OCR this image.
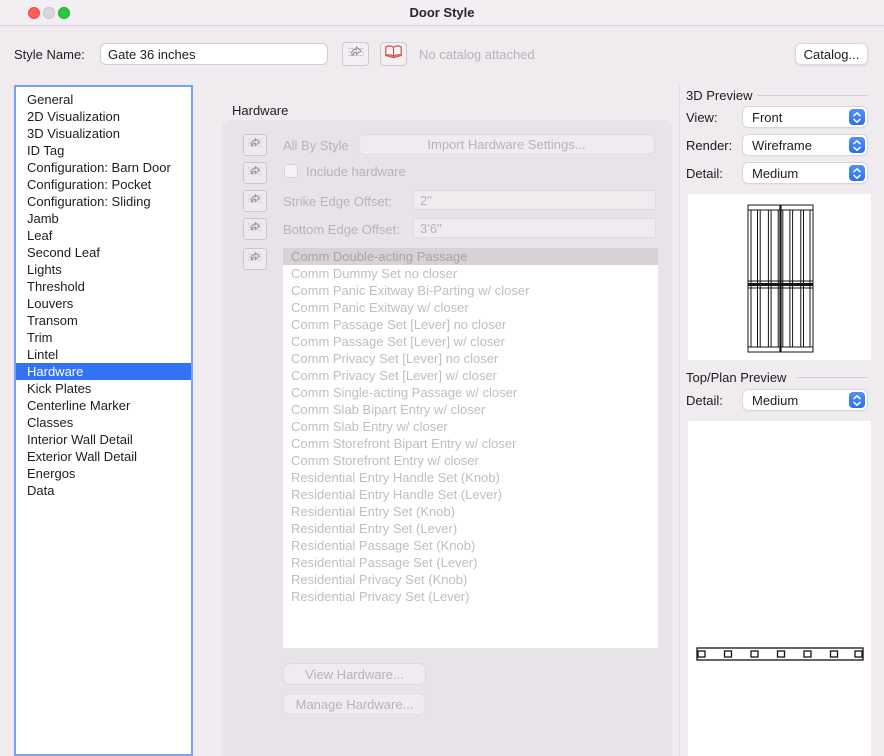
Door Style
Style Name:
Gate 36 inches	No catalog attached	Catalog...
General
2D Visualization
3D Visualization
ID Tag
Configuration: Barn Door
Configuration: Pocket
Configuration: Sliding
Jamb
Leaf
Second Leaf
Lights
Threshold
Louvers
Transom
Trim
Lintel
Hardware
Kick Plates
Centerline Marker
Classes
Interior Wall Detail
Exterior Wall Detail
Energos
Data
Hardware
All By Style	Import Hardware Settings...
Include hardware
Strike Edge Offset:
2"
Bottom Edge Offset:
3'6"
Comm Double-acting Passage
Comm Dummy Set no closer
Comm Panic Exitway Bi-Parting w/ closer
Comm Panic Exitway w/ closer
Comm Passage Set [Lever] no closer
Comm Passage Set [Lever] w/ closer
Comm Privacy Set [Lever] no closer
Comm Privacy Set [Lever] w/ closer
Comm Single-acting Passage w/ closer
Comm Slab Bipart Entry w/ closer
Comm Slab Entry w/ closer
Comm Storefront Bipart Entry w/ closer
Comm Storefront Entry w/ closer
Residential Entry Handle Set (Knob)
Residential Entry Handle Set (Lever)
Residential Entry Set (Knob)
Residential Entry Set (Lever)
Residential Passage Set (Knob)
Residential Passage Set (Lever)
Residential Privacy Set (Knob)
Residential Privacy Set (Lever)
View Hardware...
Manage Hardware...
3D Preview
View:	Front
Render:	Wireframe
Detail:	Medium
Top/Plan Preview
Detail:	Medium
